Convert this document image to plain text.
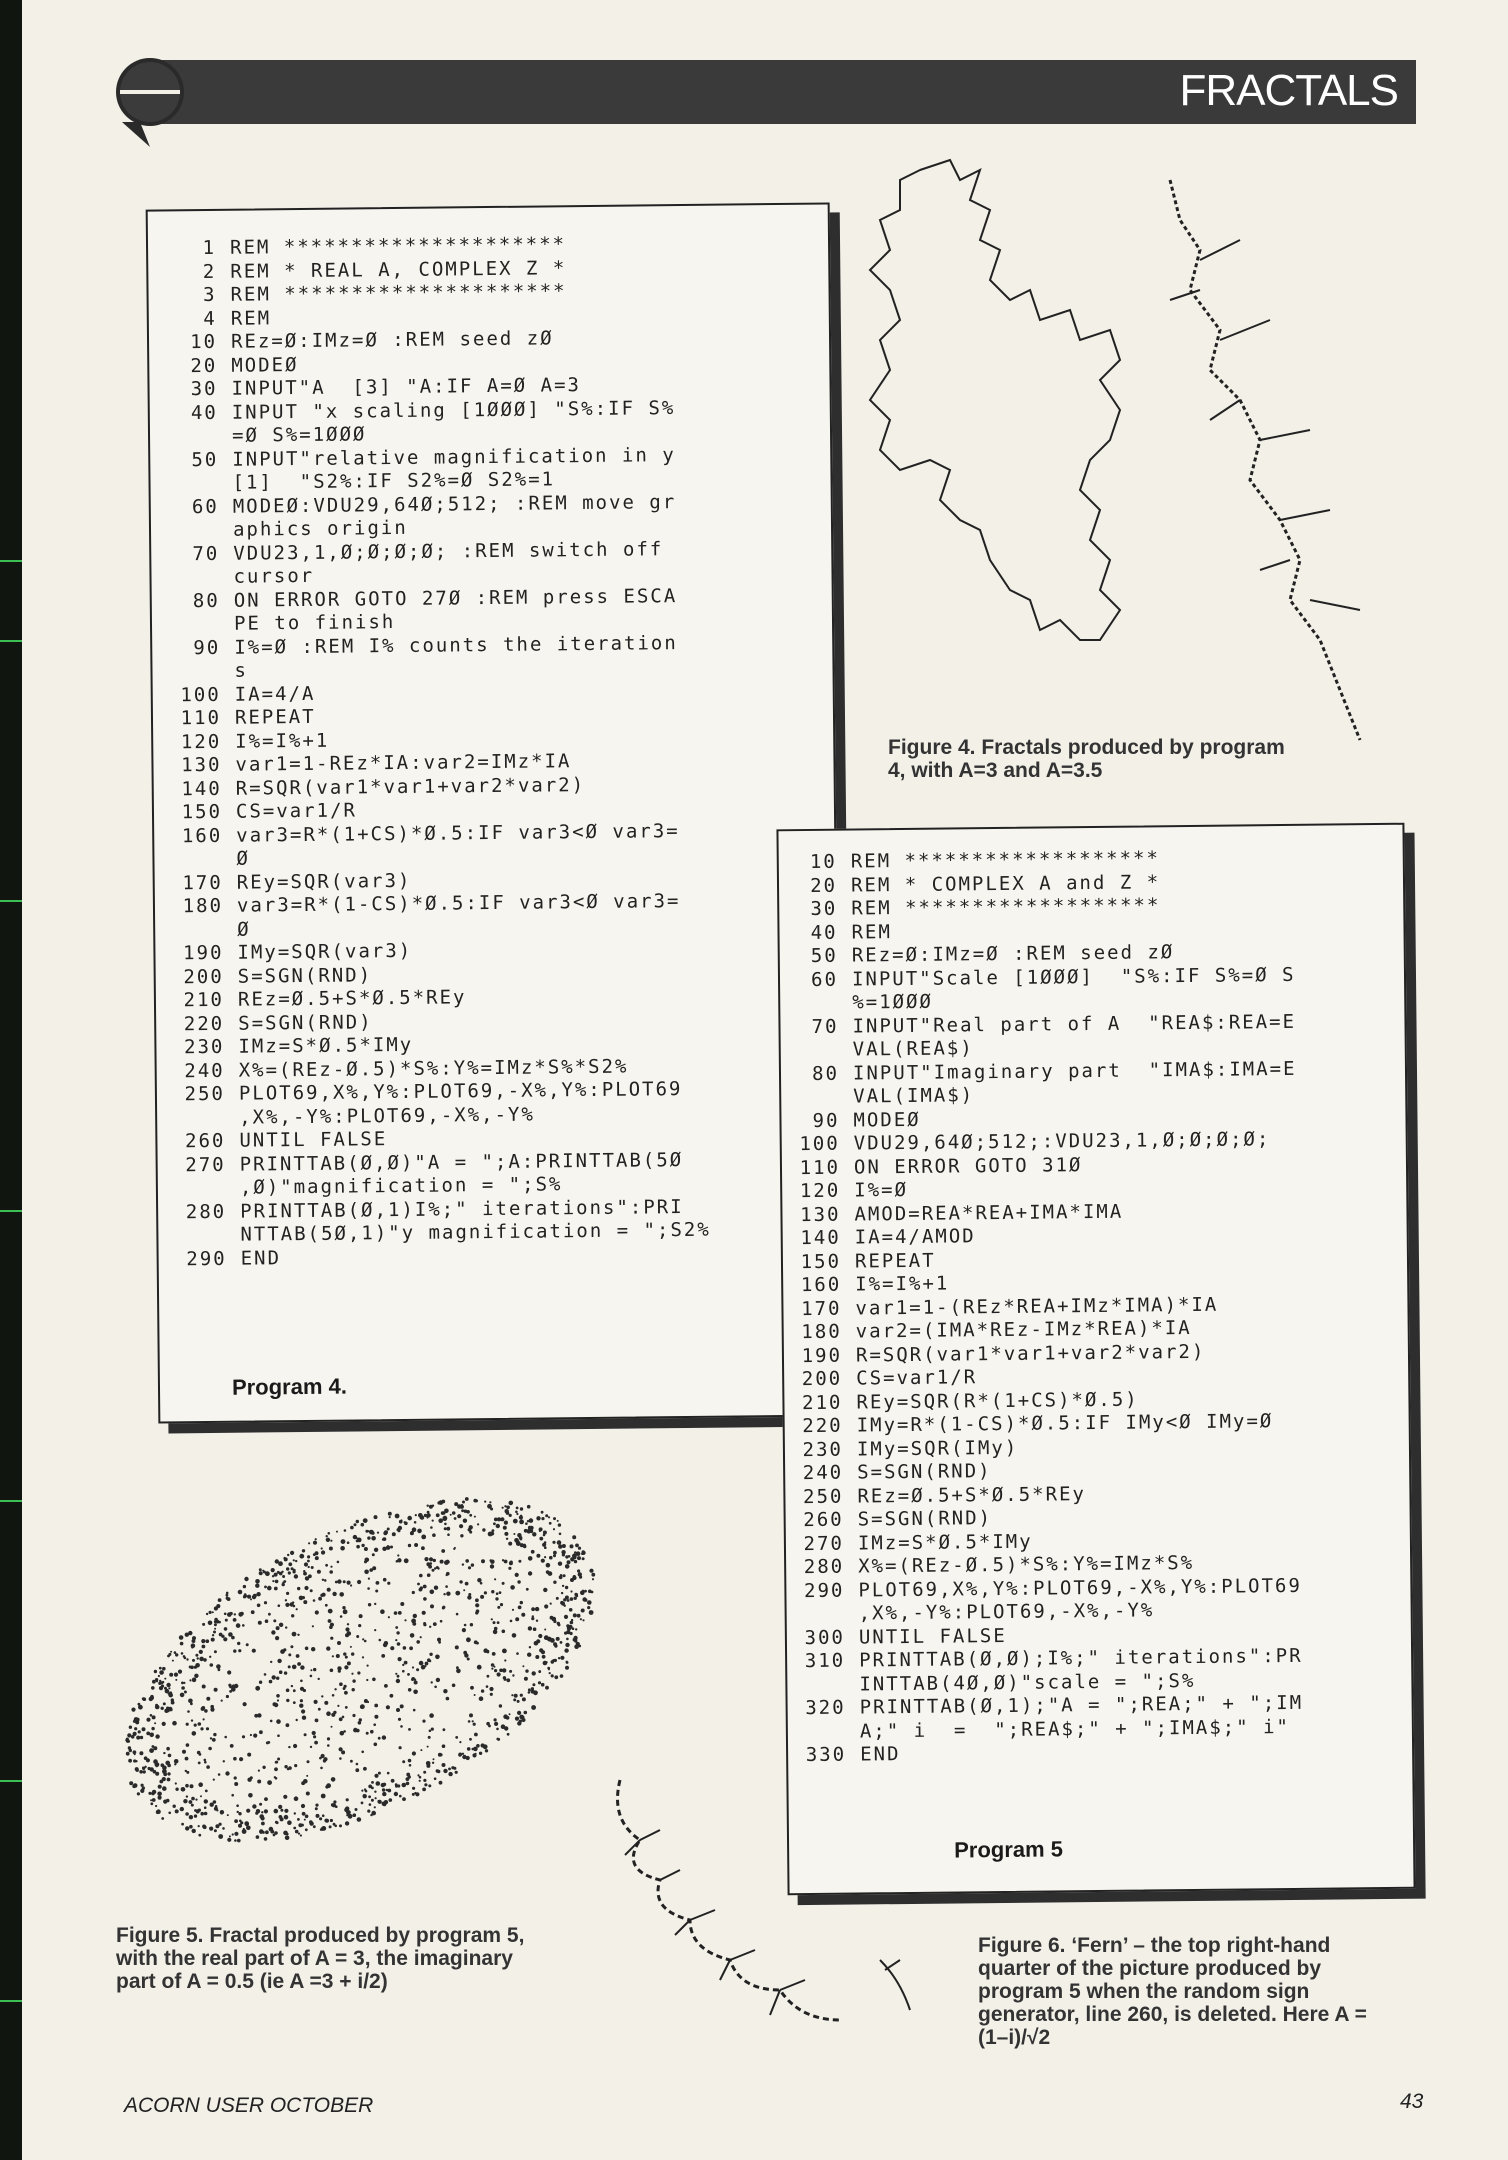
FRACTALS
1 REM *********************
2 REM * REAL A, COMPLEX Z *
3 REM *********************
4 REM
10 REz=Ø:IMz=Ø :REM seed zØ
20 MODEØ
30 INPUT"A  [3] "A:IF A=Ø A=3
40 INPUT "x scaling [1ØØØ] "S%:IF S%
=Ø S%=1ØØØ
50 INPUT"relative magnification in y
[1]  "S2%:IF S2%=Ø S2%=1
60 MODEØ:VDU29,64Ø;512; :REM move gr
aphics origin
70 VDU23,1,Ø;Ø;Ø;Ø; :REM switch off
cursor
80 ON ERROR GOTO 27Ø :REM press ESCA
PE to finish
90 I%=Ø :REM I% counts the iteration
s
100 IA=4/A
110 REPEAT
120 I%=I%+1
130 var1=1-REz*IA:var2=IMz*IA
140 R=SQR(var1*var1+var2*var2)
150 CS=var1/R
160 var3=R*(1+CS)*Ø.5:IF var3<Ø var3=
Ø
170 REy=SQR(var3)
180 var3=R*(1-CS)*Ø.5:IF var3<Ø var3=
Ø
190 IMy=SQR(var3)
200 S=SGN(RND)
210 REz=Ø.5+S*Ø.5*REy
220 S=SGN(RND)
230 IMz=S*Ø.5*IMy
240 X%=(REz-Ø.5)*S%:Y%=IMz*S%*S2%
250 PLOT69,X%,Y%:PLOT69,-X%,Y%:PLOT69
,X%,-Y%:PLOT69,-X%,-Y%
260 UNTIL FALSE
270 PRINTTAB(Ø,Ø)"A = ";A:PRINTTAB(5Ø
,Ø)"magnification = ";S%
280 PRINTTAB(Ø,1)I%;" iterations":PRI
NTTAB(5Ø,1)"y magnification = ";S2%
290 END
Program 4.
Figure 4. Fractals produced by program 4, with A=3 and A=3.5
10 REM *******************
20 REM * COMPLEX A and Z *
30 REM *******************
40 REM
50 REz=Ø:IMz=Ø :REM seed zØ
60 INPUT"Scale [1ØØØ]  "S%:IF S%=Ø S
%=1ØØØ
70 INPUT"Real part of A  "REA$:REA=E
VAL(REA$)
80 INPUT"Imaginary part  "IMA$:IMA=E
VAL(IMA$)
90 MODEØ
100 VDU29,64Ø;512;:VDU23,1,Ø;Ø;Ø;Ø;
110 ON ERROR GOTO 31Ø
120 I%=Ø
130 AMOD=REA*REA+IMA*IMA
140 IA=4/AMOD
150 REPEAT
160 I%=I%+1
170 var1=1-(REz*REA+IMz*IMA)*IA
180 var2=(IMA*REz-IMz*REA)*IA
190 R=SQR(var1*var1+var2*var2)
200 CS=var1/R
210 REy=SQR(R*(1+CS)*Ø.5)
220 IMy=R*(1-CS)*Ø.5:IF IMy<Ø IMy=Ø
230 IMy=SQR(IMy)
240 S=SGN(RND)
250 REz=Ø.5+S*Ø.5*REy
260 S=SGN(RND)
270 IMz=S*Ø.5*IMy
280 X%=(REz-Ø.5)*S%:Y%=IMz*S%
290 PLOT69,X%,Y%:PLOT69,-X%,Y%:PLOT69
,X%,-Y%:PLOT69,-X%,-Y%
300 UNTIL FALSE
310 PRINTTAB(Ø,Ø);I%;" iterations":PR
INTTAB(4Ø,Ø)"scale = ";S%
320 PRINTTAB(Ø,1);"A = ";REA;" + ";IM
A;" i  =  ";REA$;" + ";IMA$;" i"
330 END
Program 5
Figure 5. Fractal produced by program 5, with the real part of A = 3, the imaginary part of A = 0.5 (ie A =3 + i/2)
Figure 6. ‘Fern’ – the top right-hand quarter of the picture produced by program 5 when the random sign generator, line 260, is deleted. Here A = (1–i)/√2
ACORN USER OCTOBER	43
